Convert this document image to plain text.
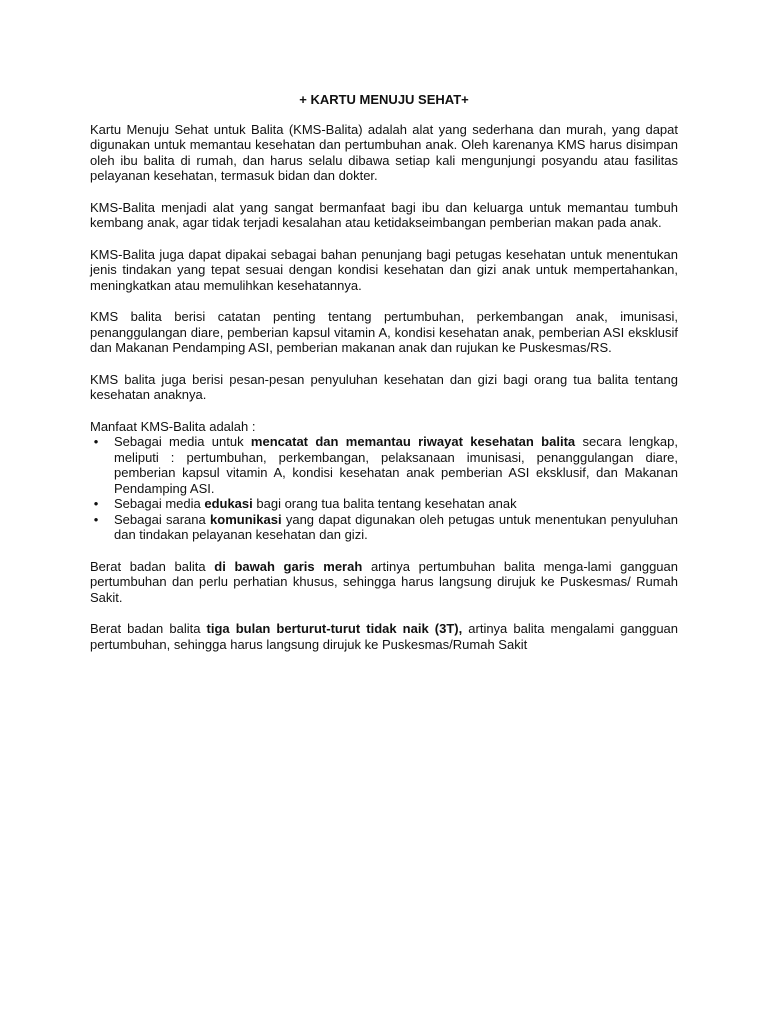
+ KARTU MENUJU SEHAT+

Kartu Menuju Sehat untuk Balita (KMS-Balita) adalah alat yang sederhana dan murah, yang dapat digunakan untuk memantau kesehatan dan pertumbuhan anak. Oleh karenanya KMS harus disimpan oleh ibu balita di rumah, dan harus selalu dibawa setiap kali mengunjungi posyandu atau fasilitas pelayanan kesehatan, termasuk bidan dan dokter.

KMS-Balita menjadi alat yang sangat bermanfaat bagi ibu dan keluarga untuk memantau tumbuh kembang anak, agar tidak terjadi kesalahan atau ketidakseimbangan pemberian makan pada anak.

KMS-Balita juga dapat dipakai sebagai bahan penunjang bagi petugas kesehatan untuk menentukan jenis tindakan yang tepat sesuai dengan kondisi kesehatan dan gizi anak untuk mempertahankan, meningkatkan atau memulihkan kesehatannya.

KMS balita berisi catatan penting tentang pertumbuhan, perkembangan anak, imunisasi, penanggulangan diare, pemberian kapsul vitamin A, kondisi kesehatan anak, pemberian ASI eksklusif dan Makanan Pendamping ASI, pemberian makanan anak dan rujukan ke Puskesmas/RS.

KMS balita juga berisi pesan-pesan penyuluhan kesehatan dan gizi bagi orang tua balita tentang kesehatan anaknya.

Manfaat KMS-Balita adalah :

• Sebagai media untuk mencatat dan memantau riwayat kesehatan balita secara lengkap, meliputi : pertumbuhan, perkembangan, pelaksanaan imunisasi, penanggulangan diare, pemberian kapsul vitamin A, kondisi kesehatan anak pemberian ASI eksklusif, dan Makanan Pendamping ASI.
• Sebagai media edukasi bagi orang tua balita tentang kesehatan anak
• Sebagai sarana komunikasi yang dapat digunakan oleh petugas untuk menentukan penyuluhan dan tindakan pelayanan kesehatan dan gizi.

Berat badan balita di bawah garis merah artinya pertumbuhan balita menga-lami gangguan pertumbuhan dan perlu perhatian khusus, sehingga harus langsung dirujuk ke Puskesmas/ Rumah Sakit.

Berat badan balita tiga bulan berturut-turut tidak naik (3T), artinya balita mengalami gangguan pertumbuhan, sehingga harus langsung dirujuk ke Puskesmas/Rumah Sakit
